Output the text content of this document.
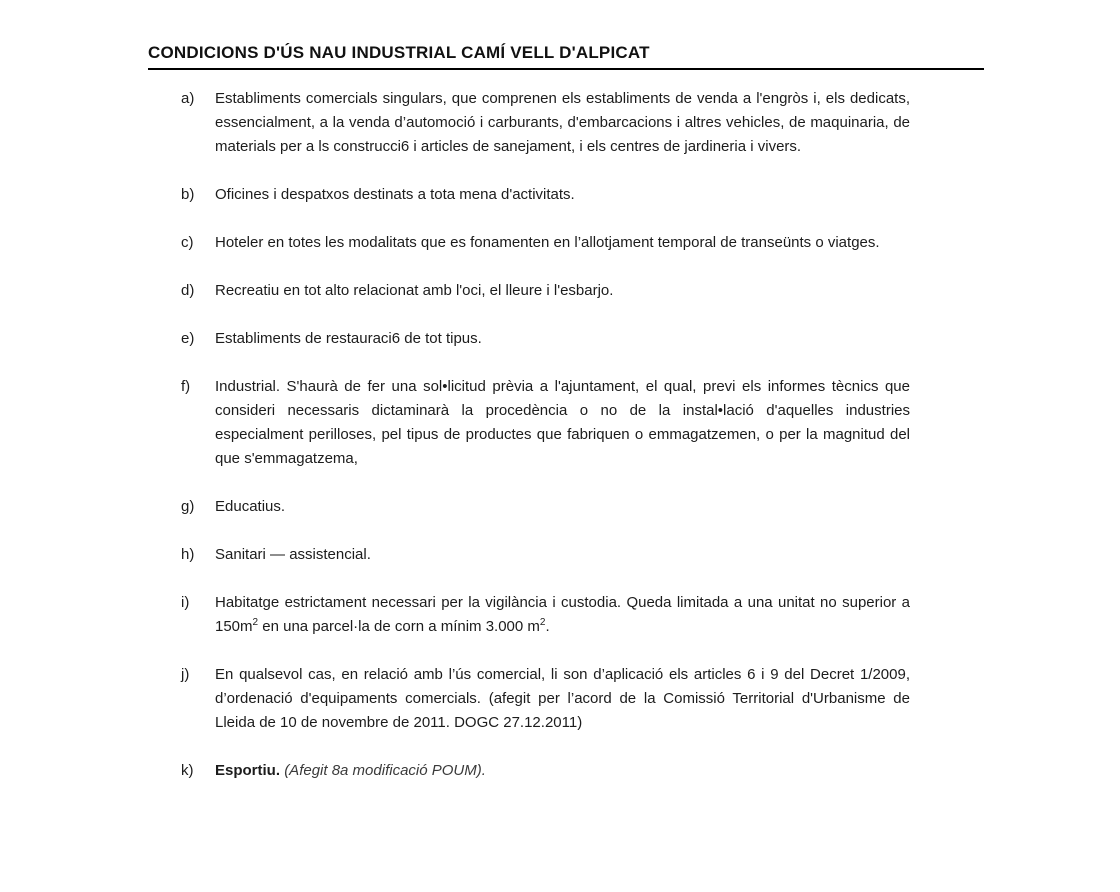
CONDICIONS D'ÚS NAU INDUSTRIAL CAMÍ VELL D'ALPICAT
a)	Establiments comercials singulars, que comprenen els establiments de venda a l'engròs i, els dedicats, essencialment, a la venda d’automoció i carburants, d'embarcacions i altres vehicles, de maquinaria, de materials per a ls construcci6 i articles de sanejament, i els centres de jardineria i vivers.

b)	Oficines i despatxos destinats a tota mena d'activitats.

c)	Hoteler en totes les modalitats que es fonamenten en l’allotjament temporal de transeünts o viatges.

d)	Recreatiu en tot alto relacionat amb l'oci, el lleure i l'esbarjo.

e)	Establiments de restauraci6 de tot tipus.

f)	Industrial. S'haurà de fer una sol•licitud prèvia a l'ajuntament, el qual, previ els informes tècnics que consideri necessaris dictaminarà la procedència o no de la instal•lació d'aquelles industries especialment perilloses, pel tipus de productes que fabriquen o emmagatzemen, o per la magnitud del que s'emmagatzema,

g)	Educatius.

h)	Sanitari — assistencial.

i)	Habitatge estrictament necessari per la vigilància i custodia. Queda limitada a una unitat no superior a $150m^2$ en una parcel·la de corn a mínim 3.000 $m^2$.

j)	En qualsevol cas, en relació amb l’ús comercial, li son d’aplicació els articles 6 i 9 del Decret 1/2009, d’ordenació d'equipaments comercials. (afegit per l’acord de la Comissió Territorial d'Urbanisme de Lleida de 10 de novembre de 2011. DOGC 27.12.2011)

k)	Esportiu. (Afegit 8a modificació POUM).
